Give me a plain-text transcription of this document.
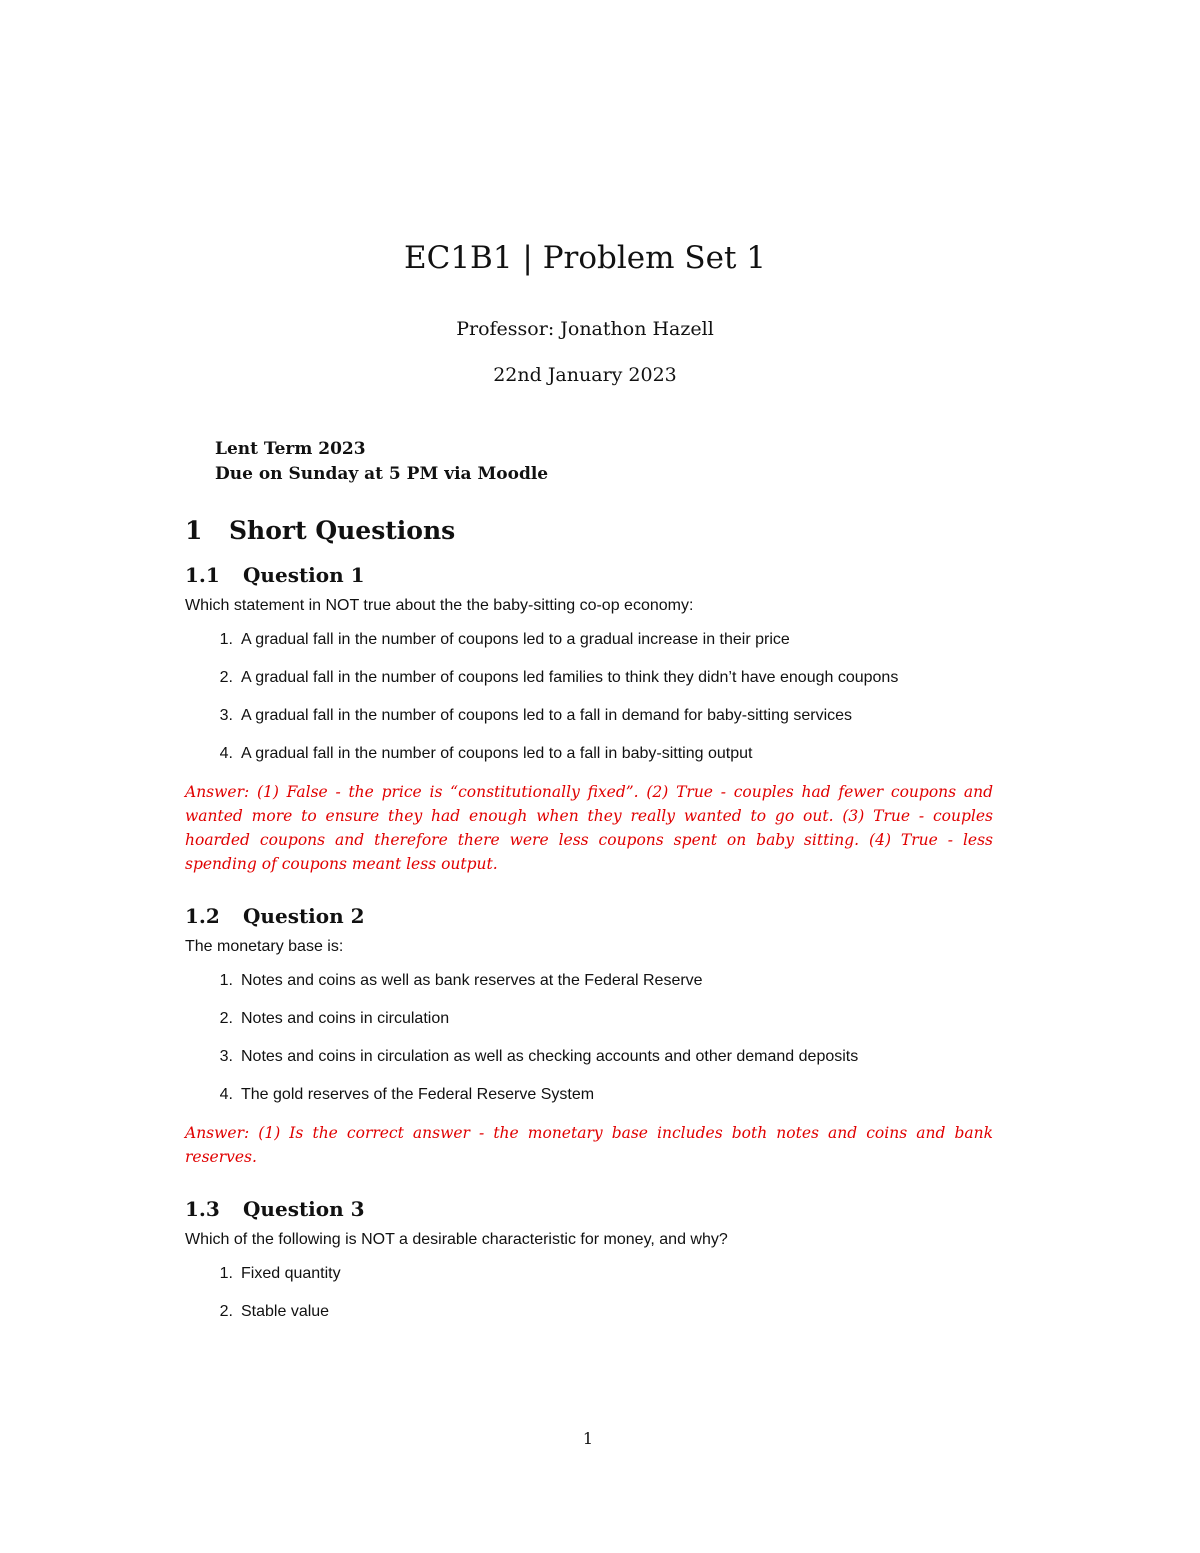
EC1B1 | Problem Set 1
Professor: Jonathon Hazell
22nd January 2023
Lent Term 2023
Due on Sunday at 5 PM via Moodle
1	Short Questions
1.1	Question 1

Which statement in NOT true about the the baby-sitting co-op economy:

1. A gradual fall in the number of coupons led to a gradual increase in their price
2. A gradual fall in the number of coupons led families to think they didn’t have enough coupons
3. A gradual fall in the number of coupons led to a fall in demand for baby-sitting services
4. A gradual fall in the number of coupons led to a fall in baby-sitting output

Answer: (1) False - the price is “constitutionally fixed”. (2) True - couples had fewer coupons and wanted more to ensure they had enough when they really wanted to go out. (3) True - couples hoarded coupons and therefore there were less coupons spent on baby sitting. (4) True - less spending of coupons meant less output.

1.2	Question 2

The monetary base is:

1. Notes and coins as well as bank reserves at the Federal Reserve
2. Notes and coins in circulation
3. Notes and coins in circulation as well as checking accounts and other demand deposits
4. The gold reserves of the Federal Reserve System

Answer: (1) Is the correct answer - the monetary base includes both notes and coins and bank reserves.

1.3	Question 3

Which of the following is NOT a desirable characteristic for money, and why?

1. Fixed quantity
2. Stable value
1
